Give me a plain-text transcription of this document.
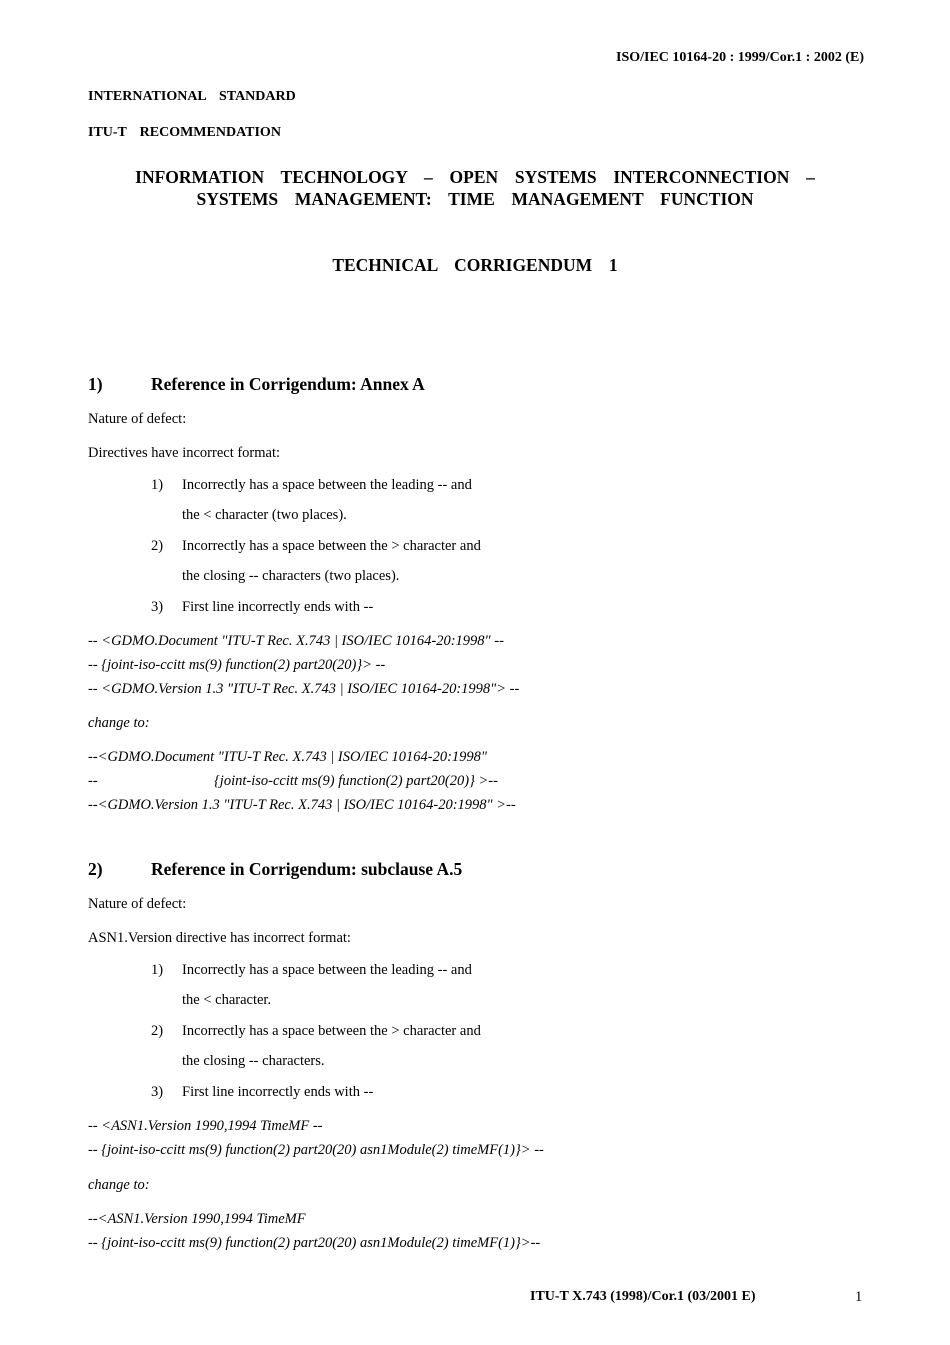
ISO/IEC 10164-20 : 1999/Cor.1 : 2002 (E)
INTERNATIONAL  STANDARD
ITU-T  RECOMMENDATION
INFORMATION  TECHNOLOGY  –  OPEN  SYSTEMS  INTERCONNECTION  –
SYSTEMS  MANAGEMENT:  TIME  MANAGEMENT  FUNCTION
TECHNICAL  CORRIGENDUM  1
1)	Reference in Corrigendum: Annex A
Nature of defect:
Directives have incorrect format:
1) Incorrectly has a space between the leading -- and
the < character (two places).
2) Incorrectly has a space between the > character and
the closing -- characters (two places).
3) First line incorrectly ends with --
-- <GDMO.Document "ITU-T Rec. X.743 | ISO/IEC 10164-20:1998" --
-- {joint-iso-ccitt ms(9) function(2) part20(20)}> --
-- <GDMO.Version 1.3 "ITU-T Rec. X.743 | ISO/IEC 10164-20:1998"> --
change to:
--<GDMO.Document "ITU-T Rec. X.743 | ISO/IEC 10164-20:1998"
--	{joint-iso-ccitt ms(9) function(2) part20(20)} >--
--<GDMO.Version 1.3 "ITU-T Rec. X.743 | ISO/IEC 10164-20:1998" >--
2)	Reference in Corrigendum: subclause A.5
Nature of defect:
ASN1.Version directive has incorrect format:
1) Incorrectly has a space between the leading -- and
the < character.
2) Incorrectly has a space between the > character and
the closing -- characters.
3) First line incorrectly ends with --
-- <ASN1.Version 1990,1994 TimeMF --
-- {joint-iso-ccitt ms(9) function(2) part20(20) asn1Module(2) timeMF(1)}> --
change to:
--<ASN1.Version 1990,1994 TimeMF
-- {joint-iso-ccitt ms(9) function(2) part20(20) asn1Module(2) timeMF(1)}>--
ITU-T X.743 (1998)/Cor.1 (03/2001 E)	1
